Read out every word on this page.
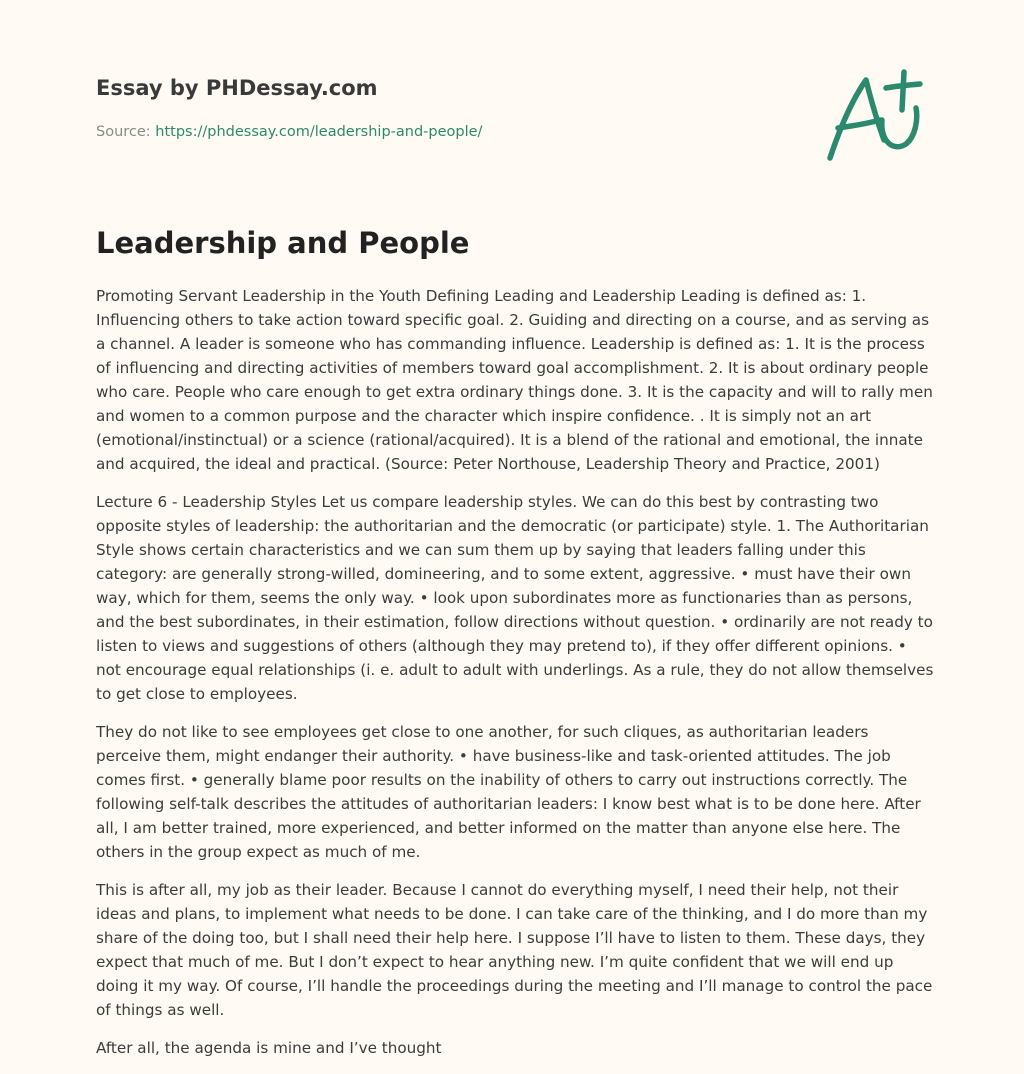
Essay by PHDessay.com
Source: https://phdessay.com/leadership-and-people/
Leadership and People

Promoting Servant Leadership in the Youth Defining Leading and Leadership Leading is defined as: 1. Influencing others to take action toward specific goal. 2. Guiding and directing on a course, and as serving as a channel. A leader is someone who has commanding influence. Leadership is defined as: 1. It is the process of influencing and directing activities of members toward goal accomplishment. 2. It is about ordinary people who care. People who care enough to get extra ordinary things done. 3. It is the capacity and will to rally men and women to a common purpose and the character which inspire confidence. . It is simply not an art (emotional/instinctual) or a science (rational/acquired). It is a blend of the rational and emotional, the innate and acquired, the ideal and practical. (Source: Peter Northouse, Leadership Theory and Practice, 2001)

Lecture 6 - Leadership Styles Let us compare leadership styles. We can do this best by contrasting two opposite styles of leadership: the authoritarian and the democratic (or participate) style. 1. The Authoritarian Style shows certain characteristics and we can sum them up by saying that leaders falling under this category: are generally strong-willed, domineering, and to some extent, aggressive. • must have their own way, which for them, seems the only way. • look upon subordinates more as functionaries than as persons, and the best subordinates, in their estimation, follow directions without question. • ordinarily are not ready to listen to views and suggestions of others (although they may pretend to), if they offer different opinions. • not encourage equal relationships (i. e. adult to adult with underlings. As a rule, they do not allow themselves to get close to employees.

They do not like to see employees get close to one another, for such cliques, as authoritarian leaders perceive them, might endanger their authority. • have business-like and task-oriented attitudes. The job comes first. • generally blame poor results on the inability of others to carry out instructions correctly. The following self-talk describes the attitudes of authoritarian leaders: I know best what is to be done here. After all, I am better trained, more experienced, and better informed on the matter than anyone else here. The others in the group expect as much of me.

This is after all, my job as their leader. Because I cannot do everything myself, I need their help, not their ideas and plans, to implement what needs to be done. I can take care of the thinking, and I do more than my share of the doing too, but I shall need their help here. I suppose I’ll have to listen to them. These days, they expect that much of me. But I don’t expect to hear anything new. I’m quite confident that we will end up doing it my way. Of course, I’ll handle the proceedings during the meeting and I’ll manage to control the pace of things as well.

After all, the agenda is mine and I’ve thought
